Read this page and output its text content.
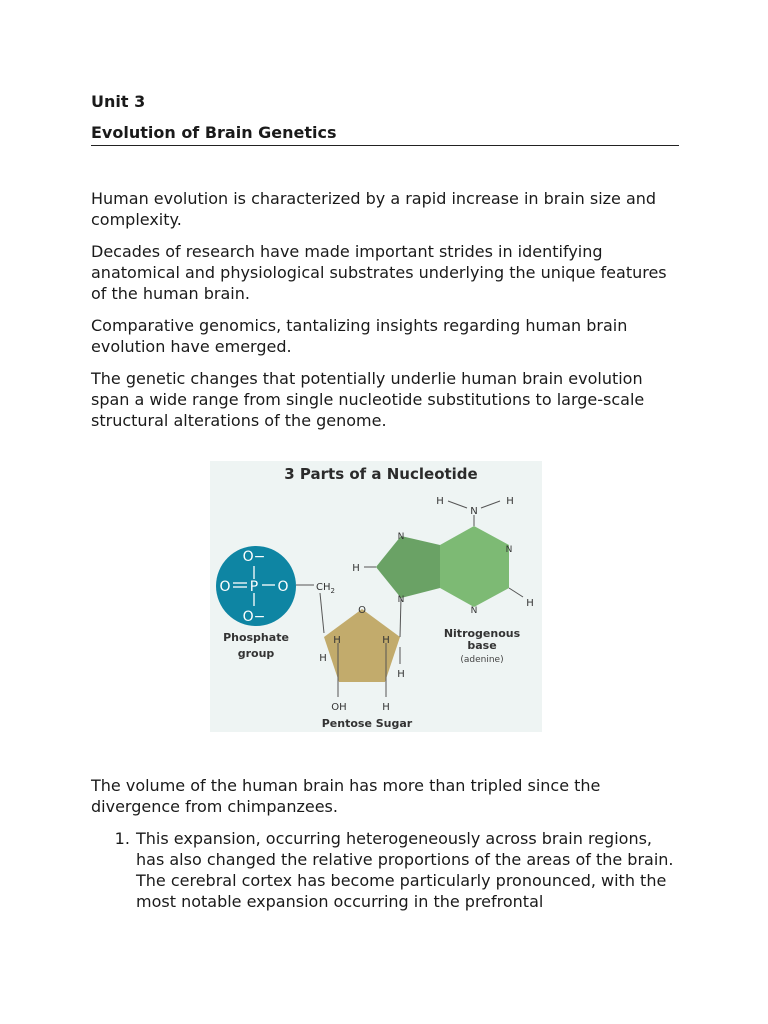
Unit 3
Evolution of Brain Genetics

Human evolution is characterized by a rapid increase in brain size and complexity.

Decades of research have made important strides in identifying anatomical and physiological substrates underlying the unique features of the human brain.

Comparative genomics, tantalizing insights regarding human brain evolution have emerged.

The genetic changes that potentially underlie human brain evolution span a wide range from single nucleotide substitutions to large-scale structural alterations of the genome.

3 Parts of a Nucleotide
O−
O P O
O−
$CH_2$
Phosphate
group
O
H
H
H
H
OH	H
Pentose Sugar
N
N
N
N
N
H
H	H
H
Nitrogenous
base
(adenine)

The volume of the human brain has more than tripled since the divergence from chimpanzees.

1. This expansion, occurring heterogeneously across brain regions, has also changed the relative proportions of the areas of the brain. The cerebral cortex has become particularly pronounced, with the most notable expansion occurring in the prefrontal
